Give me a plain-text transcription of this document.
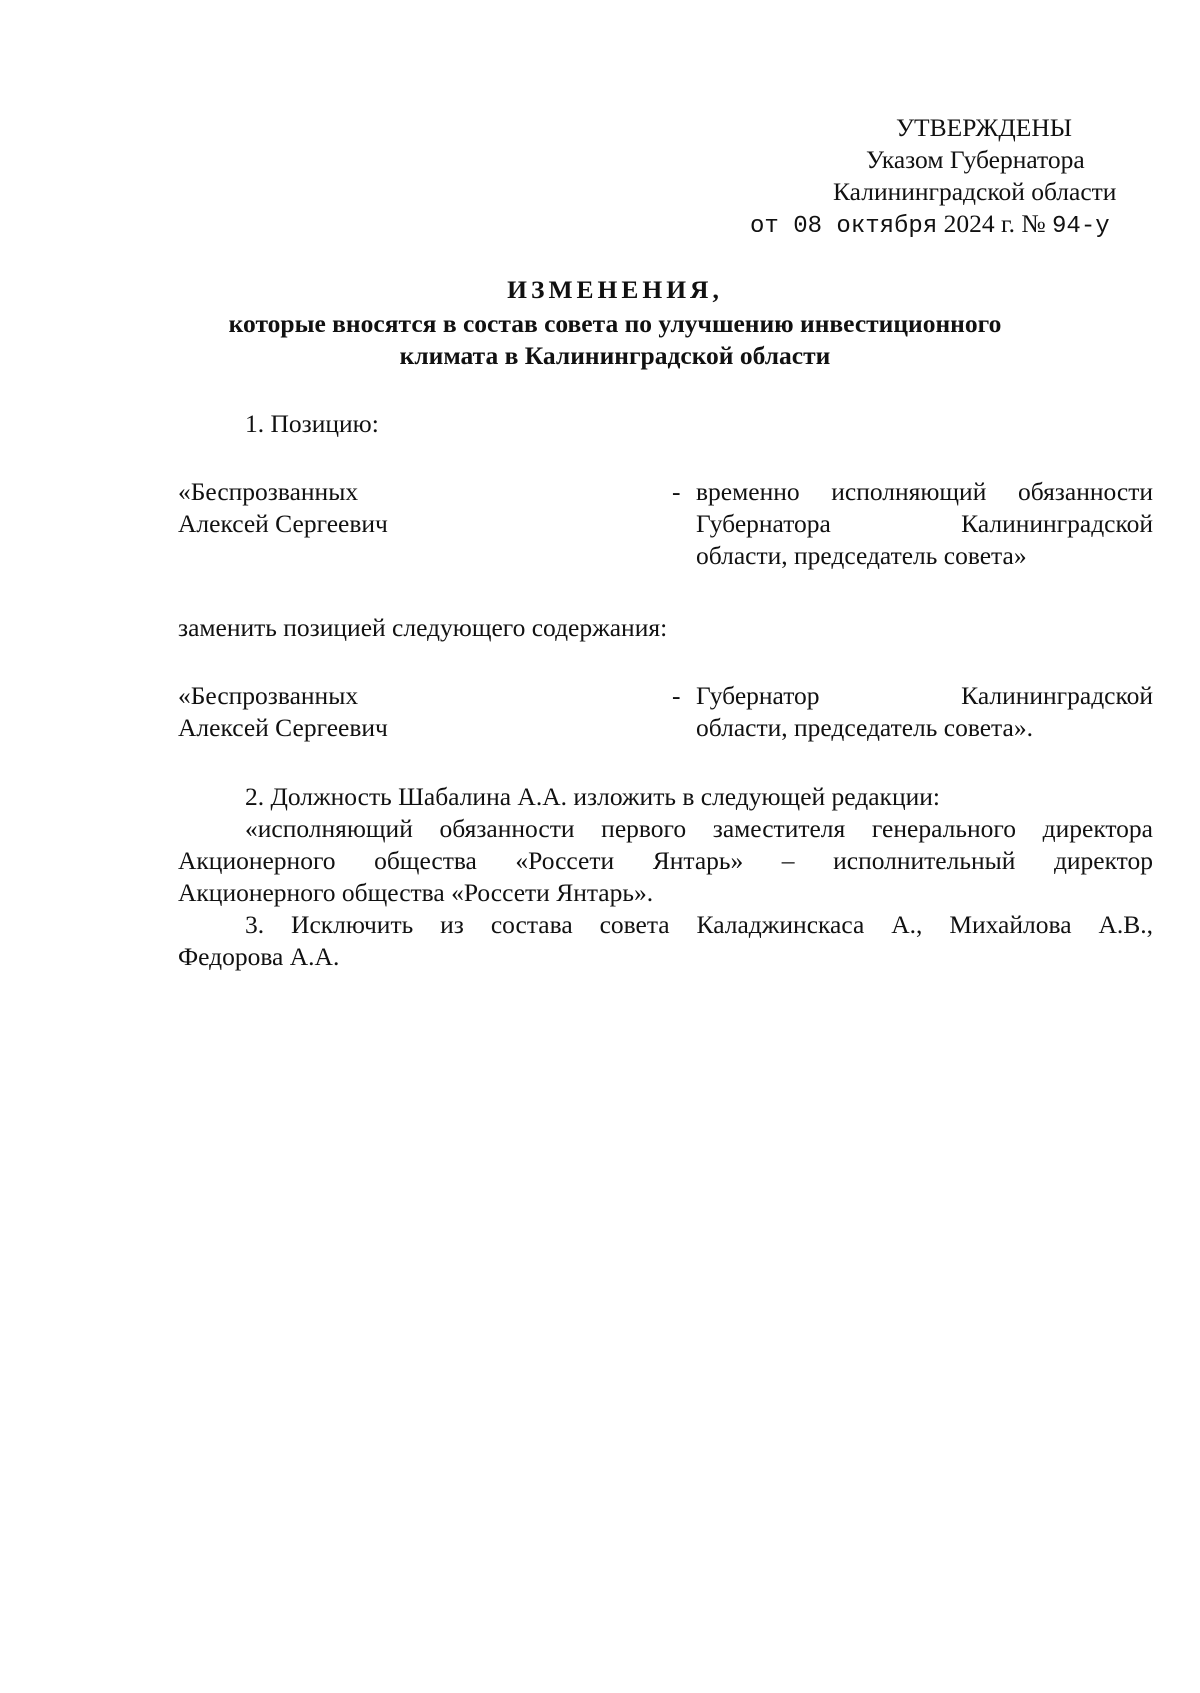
УТВЕРЖДЕНЫ
Указом Губернатора
Калининградской области
от 08 октября 2024 г. № 94-у
ИЗМЕНЕНИЯ,
которые вносятся в состав совета по улучшению инвестиционного
климата в Калининградской области
1. Позицию:
«Беспрозванных
Алексей Сергеевич
- временно исполняющий обязанности
Губернатора	Калининградской
области, председатель совета»
заменить позицией следующего содержания:
«Беспрозванных
Алексей Сергеевич
- Губернатор	Калининградской
области, председатель совета».
2. Должность Шабалина А.А. изложить в следующей редакции:
«исполняющий обязанности первого заместителя генерального директора
Акционерного общества «Россети Янтарь» – исполнительный директор
Акционерного общества «Россети Янтарь».
3. Исключить из состава совета Каладжинскаса А., Михайлова А.В.,
Федорова А.А.
